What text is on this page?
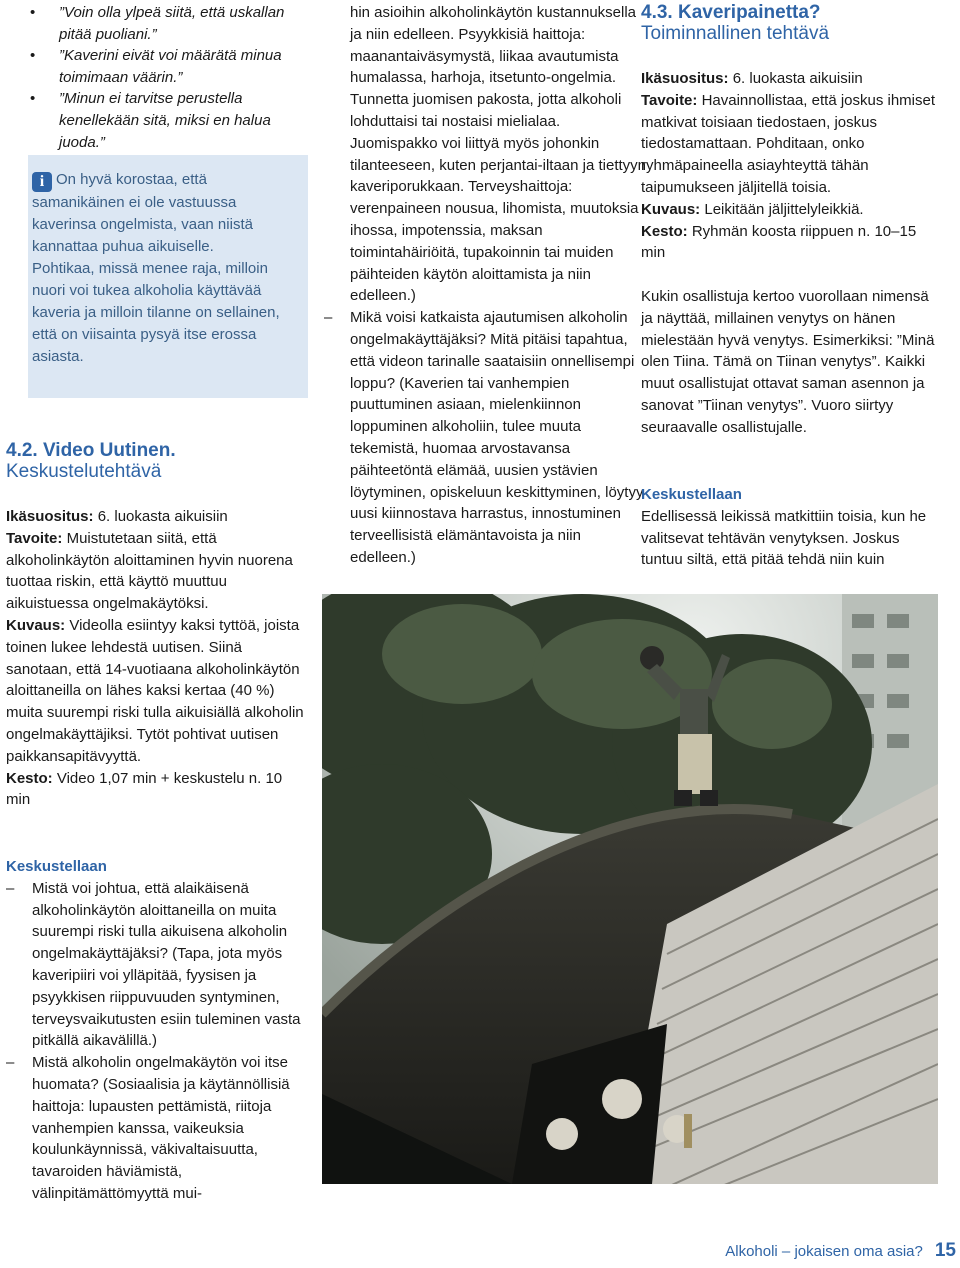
• ”Voin olla ylpeä siitä, että uskallan pitää puoliani.”
• ”Kaverini eivät voi määrätä minua toimimaan väärin.”
• ”Minun ei tarvitse perustella kenellekään sitä, miksi en halua juoda.”

i On hyvä korostaa, että samanikäinen ei ole vastuussa kaverinsa ongelmista, vaan niistä kannattaa puhua aikuiselle.

Pohtikaa, missä menee raja, milloin nuori voi tukea alkoholia käyttävää kaveria ja milloin tilanne on sellainen, että on viisainta pysyä itse erossa asiasta.

4.2. Video Uutinen.
Keskustelutehtävä

Ikäsuositus: 6. luokasta aikuisiin

Tavoite: Muistutetaan siitä, että alkoholinkäytön aloittaminen hyvin nuorena tuottaa riskin, että käyttö muuttuu aikuistuessa ongelmakäytöksi.

Kuvaus: Videolla esiintyy kaksi tyttöä, joista toinen lukee lehdestä uutisen. Siinä sanotaan, että 14-vuotiaana alkoholinkäytön aloittaneilla on lähes kaksi kertaa (40 %) muita suurempi riski tulla aikuisiällä alkoholin ongelmakäyttäjiksi. Tytöt pohtivat uutisen paikkansapitävyyttä.

Kesto: Video 1,07 min + keskustelu n. 10 min

Keskustellaan

– Mistä voi johtua, että alaikäisenä alkoholinkäytön aloittaneilla on muita suurempi riski tulla aikuisena alkoholin ongelmakäyttäjäksi? (Tapa, jota myös kaveripiiri voi ylläpitää, fyysisen ja psyykkisen riippuvuuden syntyminen, terveysvaikutusten esiin tuleminen vasta pitkällä aikavälillä.)

– Mistä alkoholin ongelmakäytön voi itse huomata? (Sosiaalisia ja käytännöllisiä haittoja: lupausten pettämistä, riitoja vanhempien kanssa, vaikeuksia koulunkäynnissä, väkivaltaisuutta, tavaroiden häviämistä, välinpitämättömyyttä mui-

hin asioihin alkoholinkäytön kustannuksella ja niin edelleen. Psyykkisiä haittoja: maanantaiväsymystä, liikaa avautumista humalassa, harhoja, itsetunto-ongelmia. Tunnetta juomisen pakosta, jotta alkoholi lohduttaisi tai nostaisi mielialaa. Juomispakko voi liittyä myös johonkin tilanteeseen, kuten perjantai-iltaan ja tiettyyn kaveriporukkaan. Terveyshaittoja: verenpaineen nousua, lihomista, muutoksia ihossa, impotenssia, maksan toimintahäiriöitä, tupakoinnin tai muiden päihteiden käytön aloittamista ja niin edelleen.)

– Mikä voisi katkaista ajautumisen alkoholin ongelmakäyttäjäksi? Mitä pitäisi tapahtua, että videon tarinalle saataisiin onnellisempi loppu? (Kaverien tai vanhempien puuttuminen asiaan, mielenkiinnon loppuminen alkoholiin, tulee muuta tekemistä, huomaa arvostavansa päihteetöntä elämää, uusien ystävien löytyminen, opiskeluun keskittyminen, löytyy uusi kiinnostava harrastus, innostuminen terveellisistä elämäntavoista ja niin edelleen.)

4.3. Kaveripainetta?
Toiminnallinen tehtävä

Ikäsuositus: 6. luokasta aikuisiin

Tavoite: Havainnollistaa, että joskus ihmiset matkivat toisiaan tiedostaen, joskus tiedostamattaan. Pohditaan, onko ryhmäpaineella asiayhteyttä tähän taipumukseen jäljitellä toisia.

Kuvaus: Leikitään jäljittelyleikkiä.

Kesto: Ryhmän koosta riippuen n. 10–15 min

Kukin osallistuja kertoo vuorollaan nimensä ja näyttää, millainen venytys on hänen mielestään hyvä venytys. Esimerkiksi: ”Minä olen Tiina. Tämä on Tiinan venytys”. Kaikki muut osallistujat ottavat saman asennon ja sanovat ”Tiinan venytys”. Vuoro siirtyy seuraavalle osallistujalle.

Keskustellaan

Edellisessä leikissä matkittiin toisia, kun he valitsevat tehtävän venytyksen. Joskus tuntuu siltä, että pitää tehdä niin kuin

Alkoholi – jokaisen oma asia? 15
